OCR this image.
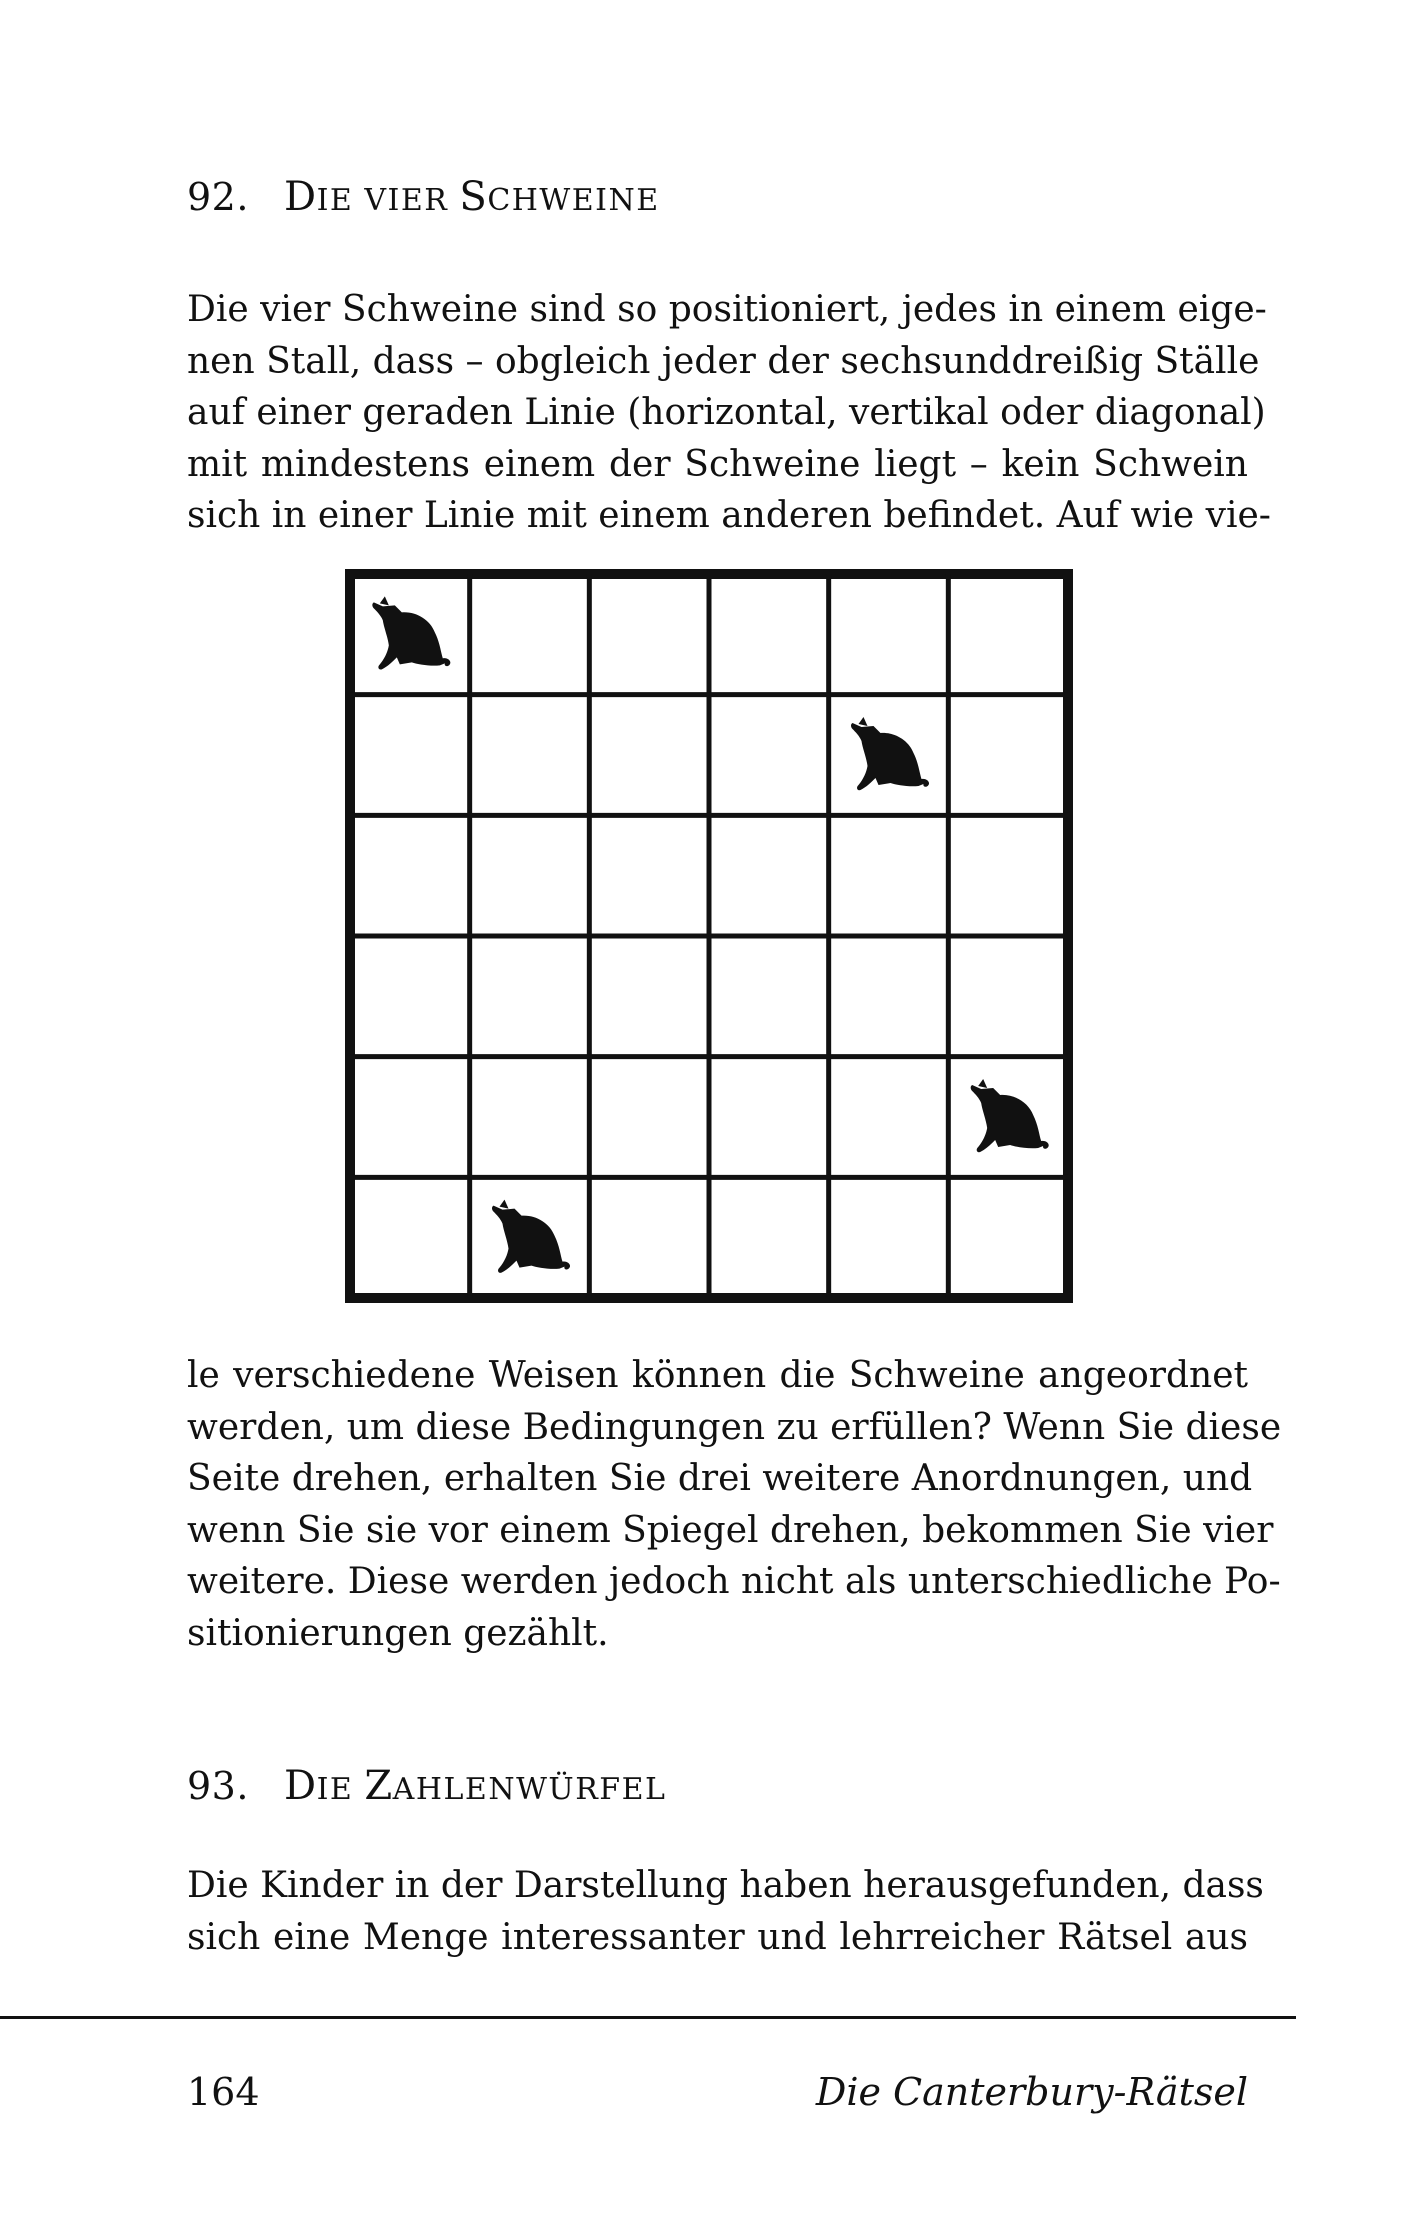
92. DIE VIER SCHWEINE
Die vier Schweine sind so positioniert, jedes in einem eige-
nen Stall, dass – obgleich jeder der sechsunddreißig Ställe
auf einer geraden Linie (horizontal, vertikal oder diagonal)
mit mindestens einem der Schweine liegt – kein Schwein
sich in einer Linie mit einem anderen befindet. Auf wie vie-
le verschiedene Weisen können die Schweine angeordnet
werden, um diese Bedingungen zu erfüllen? Wenn Sie diese
Seite drehen, erhalten Sie drei weitere Anordnungen, und
wenn Sie sie vor einem Spiegel drehen, bekommen Sie vier
weitere. Diese werden jedoch nicht als unterschiedliche Po-
sitionierungen gezählt.
93. DIE ZAHLENWÜRFEL
Die Kinder in der Darstellung haben herausgefunden, dass
sich eine Menge interessanter und lehrreicher Rätsel aus
164	Die Canterbury-Rätsel
